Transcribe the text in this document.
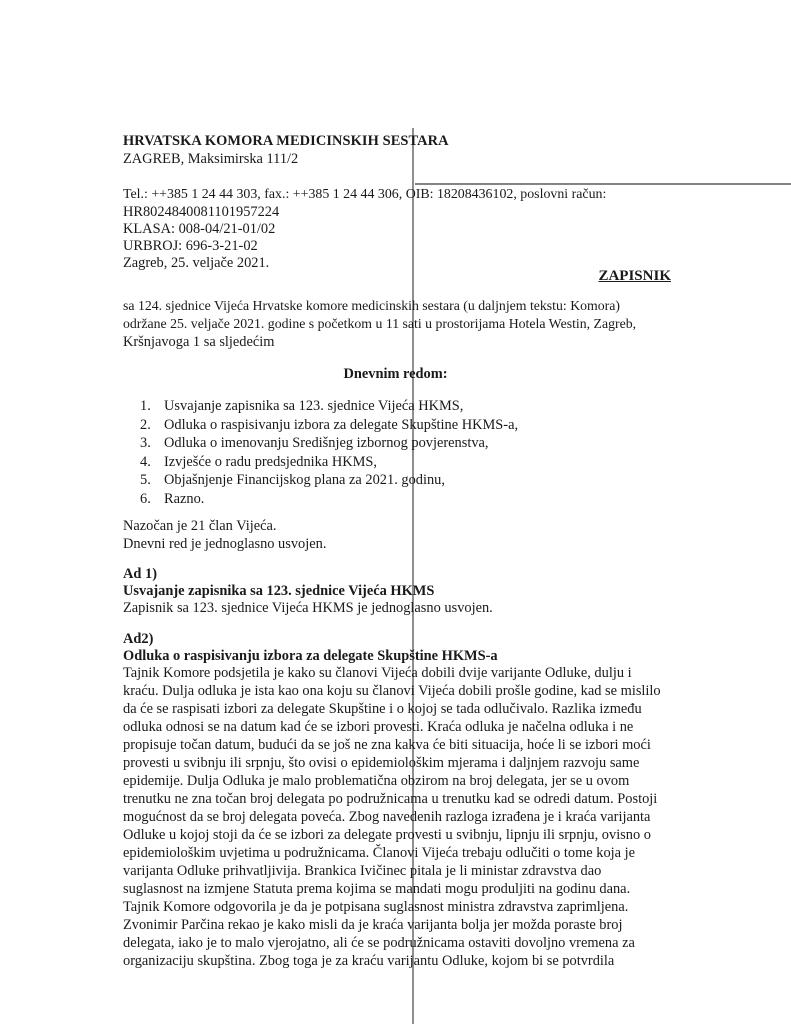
HRVATSKA KOMORA MEDICINSKIH SESTARA
ZAGREB, Maksimirska 111/2
Tel.: ++385 1 24 44 303, fax.: ++385 1 24 44 306, OIB: 18208436102, poslovni račun:
HR8024840081101957224
KLASA: 008-04/21-01/02
URBROJ: 696-3-21-02
Zagreb, 25. veljače 2021.
ZAPISNIK
sa 124. sjednice Vijeća Hrvatske komore medicinskih sestara (u daljnjem tekstu: Komora)
održane 25. veljače 2021. godine s početkom u 11 sati u prostorijama Hotela Westin, Zagreb,
Kršnjavoga 1 sa sljedećim
Dnevnim redom:
1. Usvajanje zapisnika sa 123. sjednice Vijeća HKMS,
2. Odluka o raspisivanju izbora za delegate Skupštine HKMS-a,
3. Odluka o imenovanju Središnjeg izbornog povjerenstva,
4. Izvješće o radu predsjednika HKMS,
5. Objašnjenje Financijskog plana za 2021. godinu,
6. Razno.
Nazočan je 21 član Vijeća.
Dnevni red je jednoglasno usvojen.
Ad 1)
Usvajanje zapisnika sa 123. sjednice Vijeća HKMS
Zapisnik sa 123. sjednice Vijeća HKMS je jednoglasno usvojen.
Ad2)
Odluka o raspisivanju izbora za delegate Skupštine HKMS-a
Tajnik Komore podsjetila je kako su članovi Vijeća dobili dvije varijante Odluke, dulju i
kraću. Dulja odluka je ista kao ona koju su članovi Vijeća dobili prošle godine, kad se mislilo
da će se raspisati izbori za delegate Skupštine i o kojoj se tada odlučivalo. Razlika između
odluka odnosi se na datum kad će se izbori provesti. Kraća odluka je načelna odluka i ne
propisuje točan datum, budući da se još ne zna kakva će biti situacija, hoće li se izbori moći
provesti u svibnju ili srpnju, što ovisi o epidemiološkim mjerama i daljnjem razvoju same
epidemije. Dulja Odluka je malo problematična obzirom na broj delegata, jer se u ovom
trenutku ne zna točan broj delegata po podružnicama u trenutku kad se odredi datum. Postoji
mogućnost da se broj delegata poveća. Zbog navedenih razloga izrađena je i kraća varijanta
Odluke u kojoj stoji da će se izbori za delegate provesti u svibnju, lipnju ili srpnju, ovisno o
epidemiološkim uvjetima u podružnicama. Članovi Vijeća trebaju odlučiti o tome koja je
varijanta Odluke prihvatljivija. Brankica Ivičinec pitala je li ministar zdravstva dao
suglasnost na izmjene Statuta prema kojima se mandati mogu produljiti na godinu dana.
Tajnik Komore odgovorila je da je potpisana suglasnost ministra zdravstva zaprimljena.
Zvonimir Parčina rekao je kako misli da je kraća varijanta bolja jer možda poraste broj
delegata, iako je to malo vjerojatno, ali će se podružnicama ostaviti dovoljno vremena za
organizaciju skupština. Zbog toga je za kraću varijantu Odluke, kojom bi se potvrdila
